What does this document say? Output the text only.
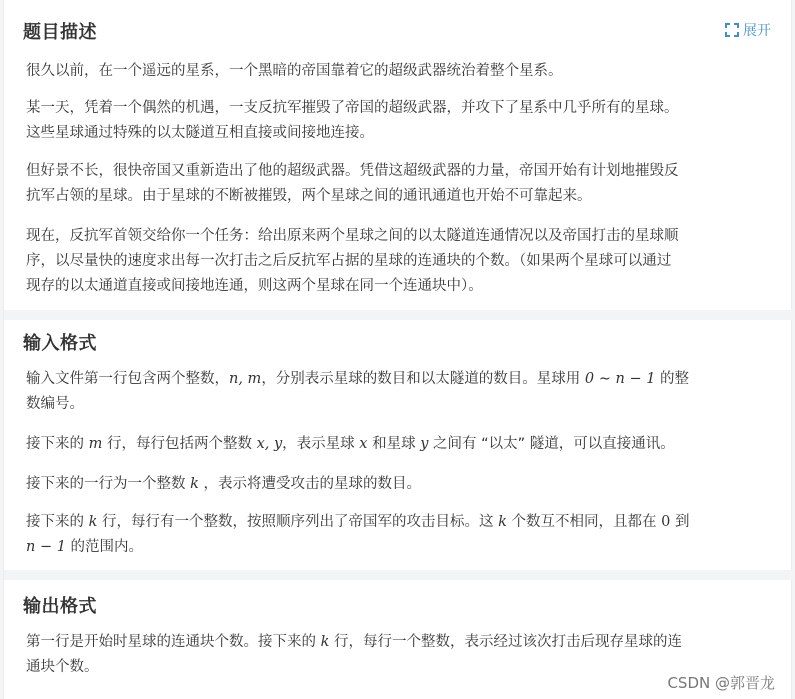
题目描述	展开

很久以前，在一个遥远的星系，一个黑暗的帝国靠着它的超级武器统治着整个星系。

某一天，凭着一个偶然的机遇，一支反抗军摧毁了帝国的超级武器，并攻下了星系中几乎所有的星球。
这些星球通过特殊的以太隧道互相直接或间接地连接。

但好景不长，很快帝国又重新造出了他的超级武器。凭借这超级武器的力量，帝国开始有计划地摧毁反
抗军占领的星球。由于星球的不断被摧毁，两个星球之间的通讯通道也开始不可靠起来。

现在，反抗军首领交给你一个任务：给出原来两个星球之间的以太隧道连通情况以及帝国打击的星球顺
序，以尽量快的速度求出每一次打击之后反抗军占据的星球的连通块的个数。（如果两个星球可以通过
现存的以太通道直接或间接地连通，则这两个星球在同一个连通块中）。

输入格式

输入文件第一行包含两个整数，n, m，分别表示星球的数目和以太隧道的数目。星球用 0 ∼ n − 1 的整
数编号。

接下来的 m 行，每行包括两个整数 x, y，表示星球 x 和星球 y 之间有 “以太” 隧道，可以直接通讯。

接下来的一行为一个整数 k ，表示将遭受攻击的星球的数目。

接下来的 k 行，每行有一个整数，按照顺序列出了帝国军的攻击目标。这 k 个数互不相同，且都在 0 到
n − 1 的范围内。

输出格式

第一行是开始时星球的连通块个数。接下来的 k 行，每行一个整数，表示经过该次打击后现存星球的连
通块个数。

CSDN @郭晋龙
